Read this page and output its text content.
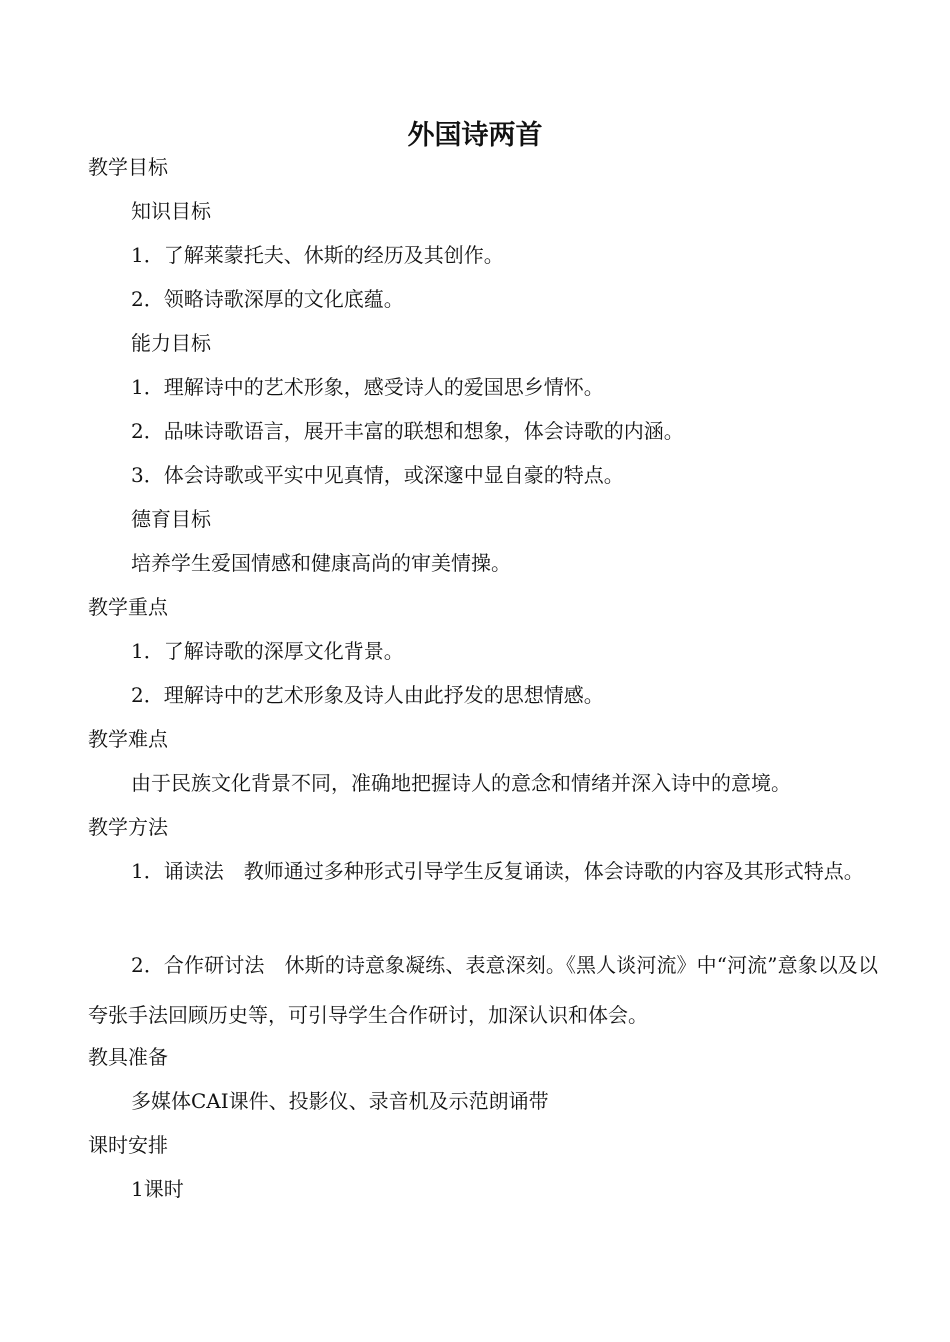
外国诗两首
教学目标
知识目标
1．了解莱蒙托夫、休斯的经历及其创作。
2．领略诗歌深厚的文化底蕴。
能力目标
1．理解诗中的艺术形象，感受诗人的爱国思乡情怀。
2．品味诗歌语言，展开丰富的联想和想象，体会诗歌的内涵。
3．体会诗歌或平实中见真情，或深邃中显自豪的特点。
德育目标
培养学生爱国情感和健康高尚的审美情操。
教学重点
1．了解诗歌的深厚文化背景。
2．理解诗中的艺术形象及诗人由此抒发的思想情感。
教学难点
由于民族文化背景不同，准确地把握诗人的意念和情绪并深入诗中的意境。
教学方法
1．诵读法 教师通过多种形式引导学生反复诵读，体会诗歌的内容及其形式特点。
2．合作研讨法 休斯的诗意象凝练、表意深刻。《黑人谈河流》中“河流”意象以及以夸张手法回顾历史等，可引导学生合作研讨，加深认识和体会。
教具准备
多媒体CAI课件、投影仪、录音机及示范朗诵带
课时安排
1课时
